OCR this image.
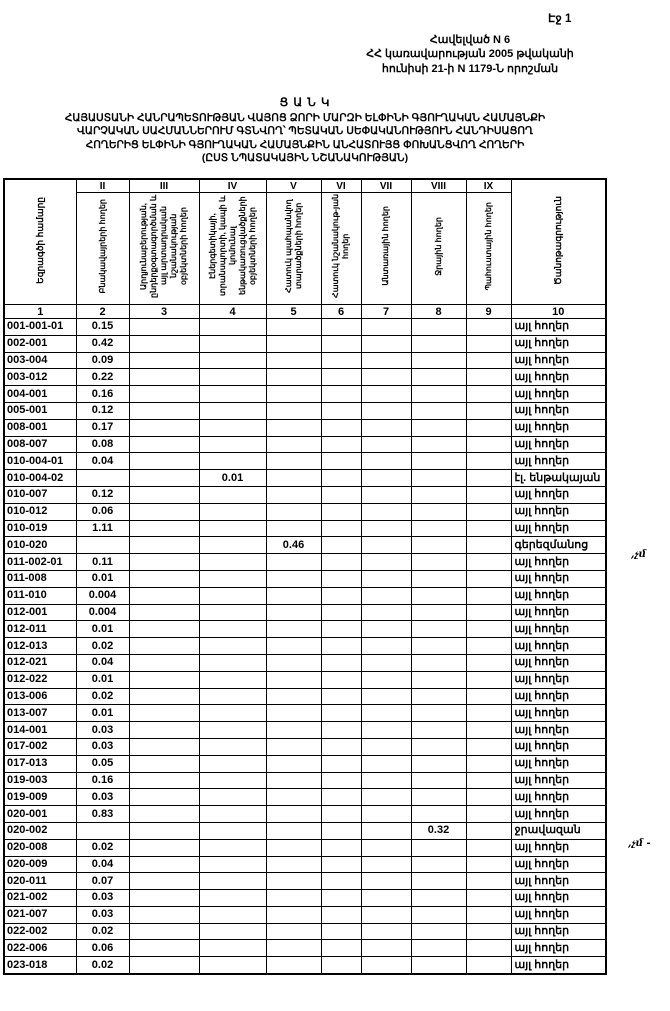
Էջ 1
Հավելված N 6
ՀՀ կառավարության 2005 թվականի
հունիսի 21-ի N 1179-Ն որոշման
Ց Ա Ն Կ
ՀԱՅԱՍՏԱՆԻ ՀԱՆՐԱՊԵՏՈՒԹՅԱՆ ՎԱՅՈՑ ՁՈՐԻ ՄԱՐԶԻ ԵԼՓԻՆԻ ԳՅՈՒՂԱԿԱՆ ՀԱՄԱՅՆՔԻ
ՎԱՐՉԱԿԱՆ ՍԱՀՄԱՆՆԵՐՈՒՄ ԳՏՆՎՈՂ՝ ՊԵՏԱԿԱՆ ՍԵՓԱԿԱՆՈՒԹՅՈՒՆ ՀԱՆԴԻՍԱՑՈՂ
ՀՈՂԵՐԻՑ ԵԼՓԻՆԻ ԳՅՈՒՂԱԿԱՆ ՀԱՄԱՅՆՔԻՆ ԱՆՀԱՏՈՒՅՑ ՓՈԽԱՆՑՎՈՂ ՀՈՂԵՐԻ
(ԸՍՏ ՆՊԱՏԱԿԱՅԻՆ ՆՇԱՆԱԿՈՒԹՅԱՆ)
Եզրագծի համարը	II	III	IV	V	VI	VII	VIII	IX	Ծանոթագրություն
	Բնակավայրերի հողեր	Արդյունաբերության, ընդերքօգտագործման և այլ արտադրական նշանակության օբյեկտների հողեր	Էներգետիկայի, տրանսպորտի, կապի և կոմունալ ենթակառուցվածքների օբյեկտների հողեր	Հատուկ պահպանվող տարածքների հողեր	Հատուկ նշանակութ-յան հողեր	Անտառային հողեր	Ջրային հողեր	Պահուստային հողեր	
1	2	3	4	5	6	7	8	9	10
001-001-01	0.15								այլ հողեր
002-001	0.42								այլ հողեր
003-004	0.09								այլ հողեր
003-012	0.22								այլ հողեր
004-001	0.16								այլ հողեր
005-001	0.12								այլ հողեր
008-001	0.17								այլ հողեր
008-007	0.08								այլ հողեր
010-004-01	0.04								այլ հողեր
010-004-02			0.01						էլ. ենթակայան
010-007	0.12								այլ հողեր
010-012	0.06								այլ հողեր
010-019	1.11								այլ հողեր
010-020				0.46					գերեզմանոց
011-002-01	0.11								այլ հողեր
011-008	0.01								այլ հողեր
011-010	0.004								այլ հողեր
012-001	0.004								այլ հողեր
012-011	0.01								այլ հողեր
012-013	0.02								այլ հողեր
012-021	0.04								այլ հողեր
012-022	0.01								այլ հողեր
013-006	0.02								այլ հողեր
013-007	0.01								այլ հողեր
014-001	0.03								այլ հողեր
017-002	0.03								այլ հողեր
017-013	0.05								այլ հողեր
019-003	0.16								այլ հողեր
019-009	0.03								այլ հողեր
020-001	0.83								այլ հողեր
020-002							0.32		ջրավազան
020-008	0.02								այլ հողեր
020-009	0.04								այլ հողեր
020-011	0.07								այլ հողեր
021-002	0.03								այլ հողեր
021-007	0.03								այլ հողեր
022-002	0.02								այլ հողեր
022-006	0.06								այլ հողեր
023-018	0.02								այլ հողեր
,չմ
,չմ -
